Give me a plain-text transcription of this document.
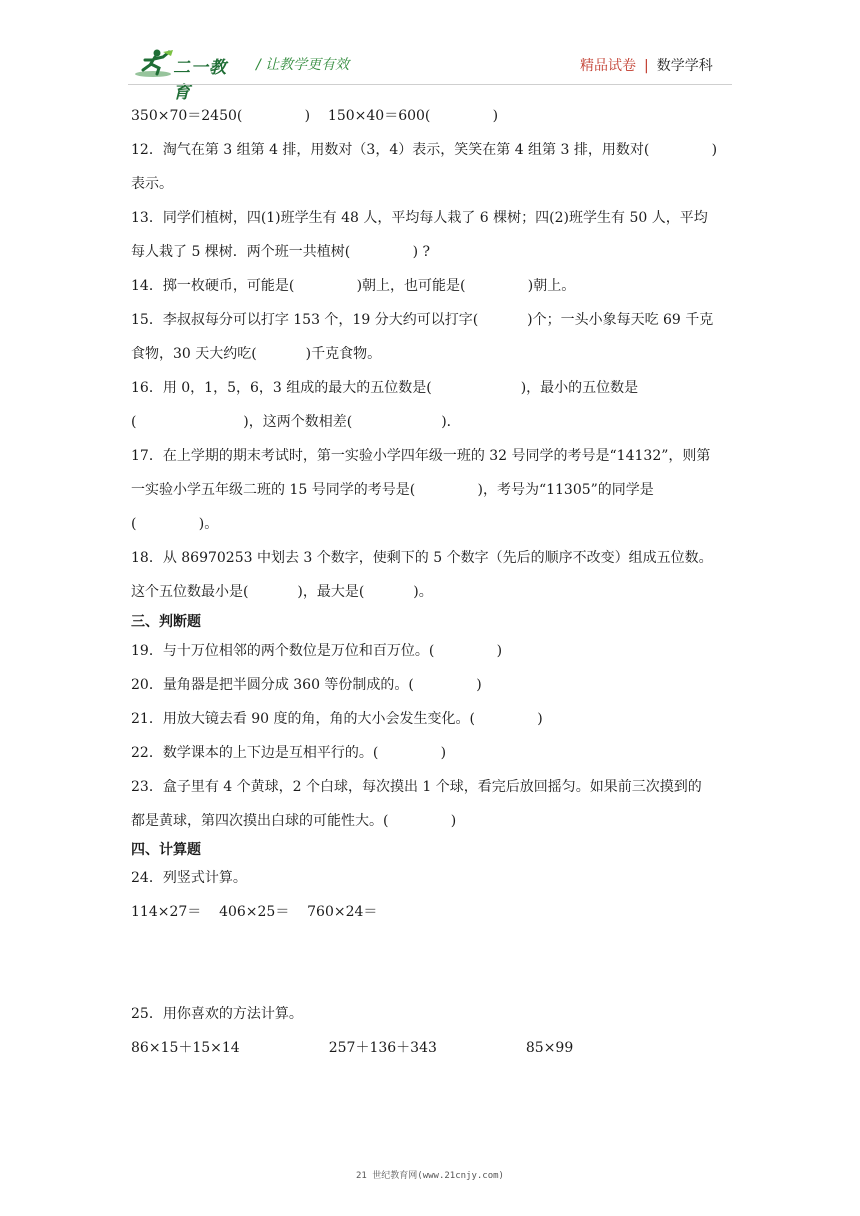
二一教育
/ 让教学更有效	精品试卷 | 数学学科
350×70＝2450(              )    150×40＝600(              )
12．淘气在第 3 组第 4 排，用数对（3，4）表示，笑笑在第 4 组第 3 排，用数对(              )
表示。
13．同学们植树，四(1)班学生有 48 人，平均每人栽了 6 棵树；四(2)班学生有 50 人，平均
每人栽了 5 棵树．两个班一共植树(              ) ?
14．掷一枚硬币，可能是(              )朝上，也可能是(              )朝上。
15．李叔叔每分可以打字 153 个，19 分大约可以打字(           )个；一头小象每天吃 69 千克
食物，30 天大约吃(           )千克食物。
16．用 0，1，5，6，3 组成的最大的五位数是(                    )，最小的五位数是
(                        )，这两个数相差(                    )．
17．在上学期的期末考试时，第一实验小学四年级一班的 32 号同学的考号是“14132”，则第
一实验小学五年级二班的 15 号同学的考号是(              )，考号为“11305”的同学是
(              )。
18．从 86970253 中划去 3 个数字，使剩下的 5 个数字（先后的顺序不改变）组成五位数。
这个五位数最小是(           )，最大是(           )。
三、判断题
19．与十万位相邻的两个数位是万位和百万位。(              )
20．量角器是把半圆分成 360 等份制成的。(              )
21．用放大镜去看 90 度的角，角的大小会发生变化。(              )
22．数学课本的上下边是互相平行的。(              )
23．盒子里有 4 个黄球，2 个白球，每次摸出 1 个球，看完后放回摇匀。如果前三次摸到的
都是黄球，第四次摸出白球的可能性大。(              )
四、计算题
24．列竖式计算。
114×27＝    406×25＝    760×24＝
25．用你喜欢的方法计算。
86×15＋15×14                    257＋136＋343                    85×99
21 世纪教育网(www.21cnjy.com)
